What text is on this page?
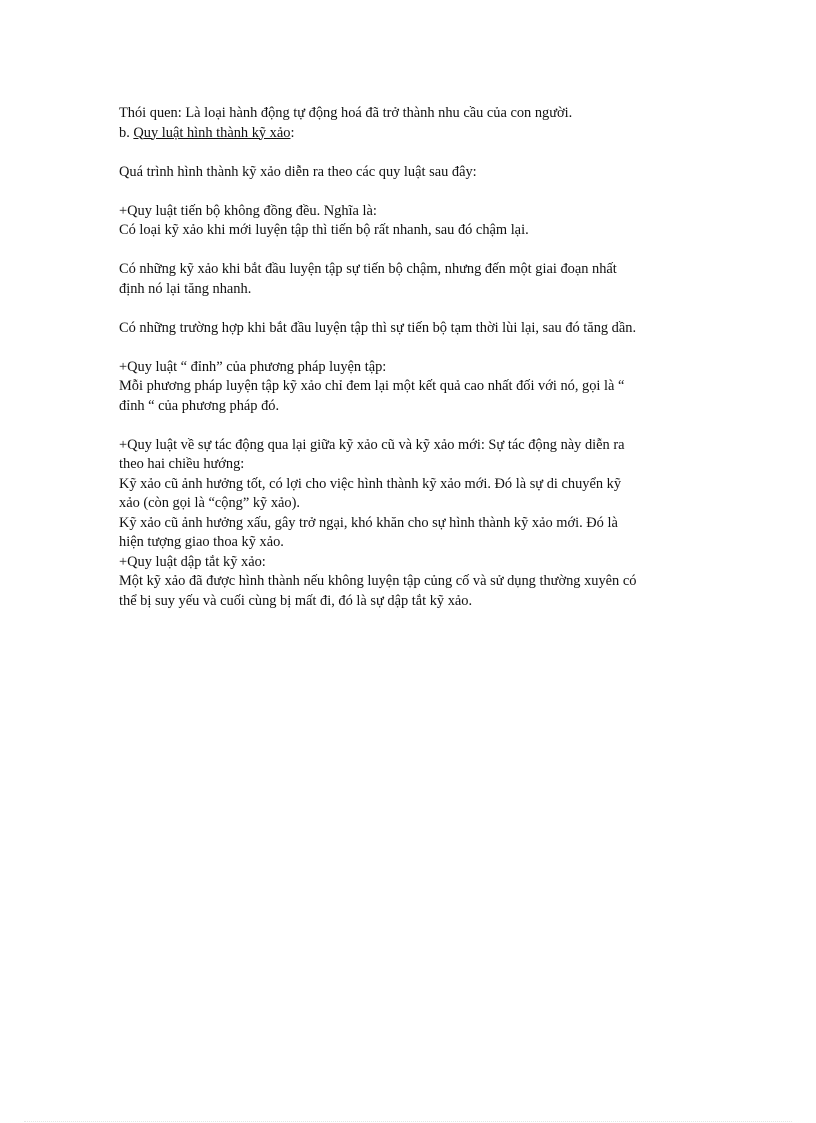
Thói quen: Là loại hành động tự động hoá đã trở thành nhu cầu của con người.
b. Quy luật hình thành kỹ xảo:
Quá trình hình thành kỹ xảo diễn ra theo các quy luật sau đây:
+Quy luật tiến bộ không đồng đều. Nghĩa là:
Có loại kỹ xảo khi mới luyện tập thì tiến bộ rất nhanh, sau đó chậm lại.
Có những kỹ xảo khi bắt đầu luyện tập sự tiến bộ chậm, nhưng đến một giai đoạn nhất
định nó lại tăng nhanh.
Có những trường hợp khi bắt đầu luyện tập thì sự tiến bộ tạm thời lùi lại, sau đó tăng dần.
+Quy luật “ đỉnh” của phương pháp luyện tập:
Mỗi phương pháp luyện tập kỹ xảo chỉ đem lại một kết quả cao nhất đối với nó, gọi là “
đỉnh “ của phương pháp đó.
+Quy luật về sự tác động qua lại giữa kỹ xảo cũ và kỹ xảo mới: Sự tác động này diễn ra
theo hai chiều hướng:
Kỹ xảo cũ ảnh hưởng tốt, có lợi cho việc hình thành kỹ xảo mới. Đó là sự di chuyển kỹ
xảo (còn gọi là “cộng” kỹ xảo).
Kỹ xảo cũ ảnh hưởng xấu, gây trở ngại, khó khăn cho sự hình thành kỹ xảo mới. Đó là
hiện tượng giao thoa kỹ xảo.
+Quy luật dập tắt kỹ xảo:
Một kỹ xảo đã được hình thành nếu không luyện tập củng cố và sử dụng thường xuyên có
thể bị suy yếu và cuối cùng bị mất đi, đó là sự dập tắt kỹ xảo.
